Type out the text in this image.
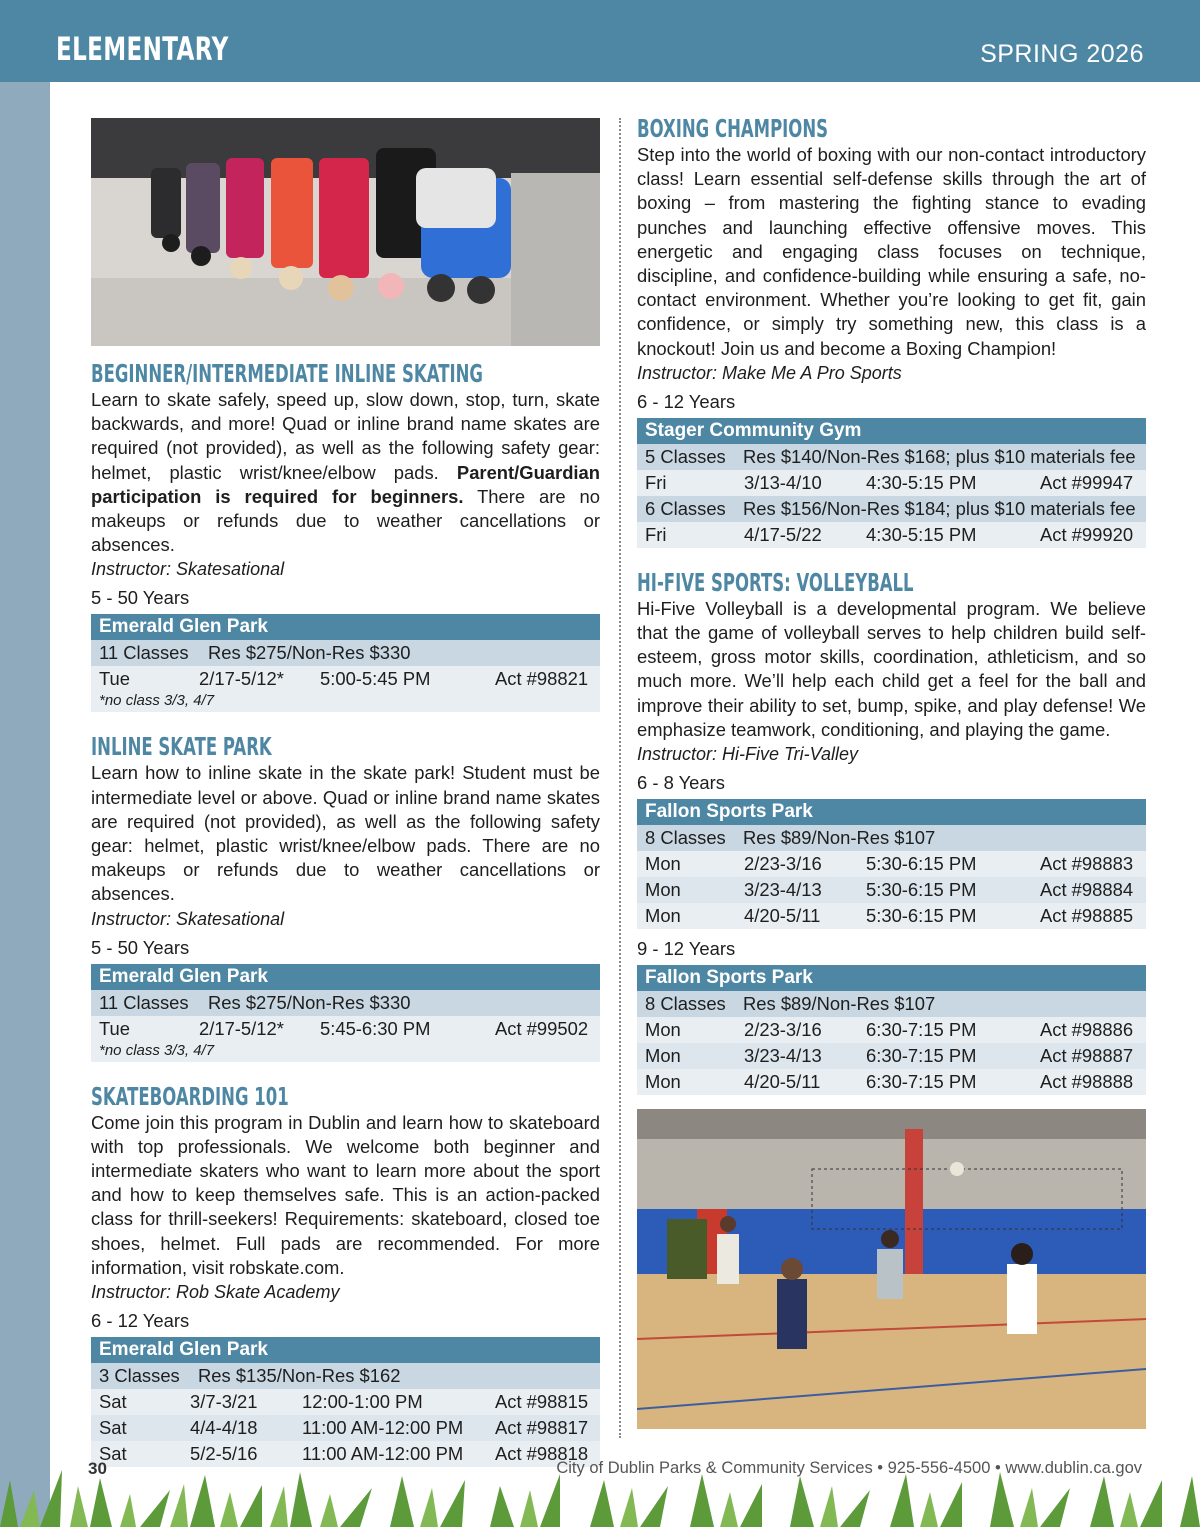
ELEMENTARY	SPRING 2026
BEGINNER/INTERMEDIATE INLINE SKATING

Learn to skate safely, speed up, slow down, stop, turn, skate backwards, and more! Quad or inline brand name skates are required (not provided), as well as the following safety gear: helmet, plastic wrist/knee/elbow pads. Parent/Guardian participation is required for beginners. There are no makeups or refunds due to weather cancellations or absences.

Instructor: Skatesational
5 - 50 Years
Emerald Glen Park
11 Classes Res $275/Non-Res $330
Tue	2/17-5/12* 5:00-5:45 PM	Act #98821
*no class 3/3, 4/7
INLINE SKATE PARK

Learn how to inline skate in the skate park! Student must be intermediate level or above. Quad or inline brand name skates are required (not provided), as well as the following safety gear: helmet, plastic wrist/knee/elbow pads. There are no makeups or refunds due to weather cancellations or absences.

Instructor: Skatesational
5 - 50 Years
Emerald Glen Park
11 Classes Res $275/Non-Res $330
Tue	2/17-5/12* 5:45-6:30 PM	Act #99502
*no class 3/3, 4/7
SKATEBOARDING 101

Come join this program in Dublin and learn how to skateboard with top professionals. We welcome both beginner and intermediate skaters who want to learn more about the sport and how to keep themselves safe. This is an action-packed class for thrill-seekers! Requirements: skateboard, closed toe shoes, helmet. Full pads are recommended. For more information, visit robskate.com.

Instructor: Rob Skate Academy
6 - 12 Years
Emerald Glen Park
3 Classes Res $135/Non-Res $162
Sat	3/7-3/21 12:00-1:00 PM	Act #98815
Sat	4/4-4/18 11:00 AM-12:00 PM Act #98817
Sat	5/2-5/16 11:00 AM-12:00 PM Act #98818
BOXING CHAMPIONS

Step into the world of boxing with our non-contact introductory class! Learn essential self-defense skills through the art of boxing – from mastering the fighting stance to evading punches and launching effective offensive moves. This energetic and engaging class focuses on technique, discipline, and confidence-building while ensuring a safe, no-contact environment. Whether you’re looking to get fit, gain confidence, or simply try something new, this class is a knockout! Join us and become a Boxing Champion!

Instructor: Make Me A Pro Sports
6 - 12 Years
Stager Community Gym
5 Classes Res $140/Non-Res $168; plus $10 materials fee
Fri	3/13-4/10 4:30-5:15 PM	Act #99947
6 Classes Res $156/Non-Res $184; plus $10 materials fee
Fri	4/17-5/22 4:30-5:15 PM	Act #99920
HI-FIVE SPORTS: VOLLEYBALL

Hi-Five Volleyball is a developmental program. We believe that the game of volleyball serves to help children build self-esteem, gross motor skills, coordination, athleticism, and so much more. We’ll help each child get a feel for the ball and improve their ability to set, bump, spike, and play defense! We emphasize teamwork, conditioning, and playing the game.

Instructor: Hi-Five Tri-Valley
6 - 8 Years
Fallon Sports Park
8 Classes Res $89/Non-Res $107
Mon	2/23-3/16 5:30-6:15 PM	Act #98883
Mon	3/23-4/13 5:30-6:15 PM	Act #98884
Mon	4/20-5/11 5:30-6:15 PM	Act #98885
9 - 12 Years
Fallon Sports Park
8 Classes Res $89/Non-Res $107
Mon	2/23-3/16 6:30-7:15 PM	Act #98886
Mon	3/23-4/13 6:30-7:15 PM	Act #98887
Mon	4/20-5/11 6:30-7:15 PM	Act #98888
30	City of Dublin Parks & Community Services • 925-556-4500 • www.dublin.ca.gov
